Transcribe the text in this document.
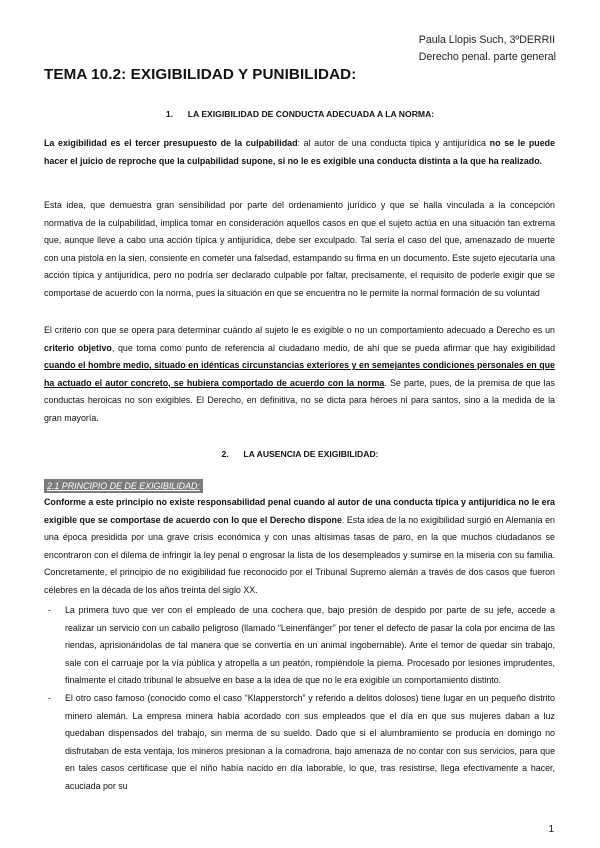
Paula Llopis Such, 3ºDERRII
Derecho penal. parte general
TEMA 10.2: EXIGIBILIDAD Y PUNIBILIDAD:
1. LA EXIGIBILIDAD DE CONDUCTA ADECUADA A LA NORMA:

La exigibilidad es el tercer presupuesto de la culpabilidad: al autor de una conducta típica y antijurídica no se le puede hacer el juicio de reproche que la culpabilidad supone, si no le es exigible una conducta distinta a la que ha realizado.

Esta idea, que demuestra gran sensibilidad por parte del ordenamiento jurídico y que se halla vinculada a la concepción normativa de la culpabilidad, implica tomar en consideración aquellos casos en que el sujeto actúa en una situación tan extrema que, aunque lleve a cabo una acción típica y antijurídica, debe ser exculpado. Tal sería el caso del que, amenazado de muerte con una pistola en la sien, consiente en cometer una falsedad, estampando su firma en un documento. Este sujeto ejecutaría una acción típica y antijurídica, pero no podría ser declarado culpable por faltar, precisamente, el requisito de poderle exigir que se comportase de acuerdo con la norma, pues la situación en que se encuentra no le permite la normal formación de su voluntad

El criterio con que se opera para determinar cuándo al sujeto le es exigible o no un comportamiento adecuado a Derecho es un criterio objetivo, que toma como punto de referencia al ciudadano medio, de ahí que se pueda afirmar que hay exigibilidad cuando el hombre medio, situado en idénticas circunstancias exteriores y en semejantes condiciones personales en que ha actuado el autor concreto, se hubiera comportado de acuerdo con la norma. Se parte, pues, de la premisa de que las conductas heroicas no son exigibles. El Derecho, en definitiva, no se dicta para héroes ni para santos, sino a la medida de la gran mayoría.

2. LA AUSENCIA DE EXIGIBILIDAD:
2.1 PRINCIPIO DE DE EXIGIBILIDAD:

Conforme a este principio no existe responsabilidad penal cuando al autor de una conducta típica y antijurídica no le era exigible que se comportase de acuerdo con lo que el Derecho dispone. Esta idea de la no exigibilidad surgió en Alemania en una época presidida por una grave crisis económica y con unas altísimas tasas de paro, en la que muchos ciudadanos se encontraron con el dilema de infringir la ley penal o engrosar la lista de los desempleados y sumirse en la miseria con su familia. Concretamente, el principio de no exigibilidad fue reconocido por el Tribunal Supremo alemán a través de dos casos que fueron célebres en la década de los años treinta del siglo XX.

- La primera tuvo que ver con el empleado de una cochera que, bajo presión de despido por parte de su jefe, accede a realizar un servicio con un caballo peligroso (llamado “Leinenfänger” por tener el defecto de pasar la cola por encima de las riendas, aprisionándolas de tal manera que se convertía en un animal ingobernable). Ante el temor de quedar sin trabajo, sale con el carruaje por la vía pública y atropella a un peatón, rompiéndole la pierna. Procesado por lesiones imprudentes, finalmente el citado tribunal le absuelve en base a la idea de que no le era exigible un comportamiento distinto.
- El otro caso famoso (conocido como el caso “Klapperstorch” y referido a delitos dolosos) tiene lugar en un pequeño distrito minero alemán. La empresa minera había acordado con sus empleados que el día en que sus mujeres daban a luz quedaban dispensados del trabajo, sin merma de su sueldo. Dado que si el alumbramiento se producía en domingo no disfrutaban de esta ventaja, los mineros presionan a la comadrona, bajo amenaza de no contar con sus servicios, para que en tales casos certificase que el niño había nacido en día laborable, lo que, tras resistirse, llega efectivamente a hacer, acuciada por su
1
